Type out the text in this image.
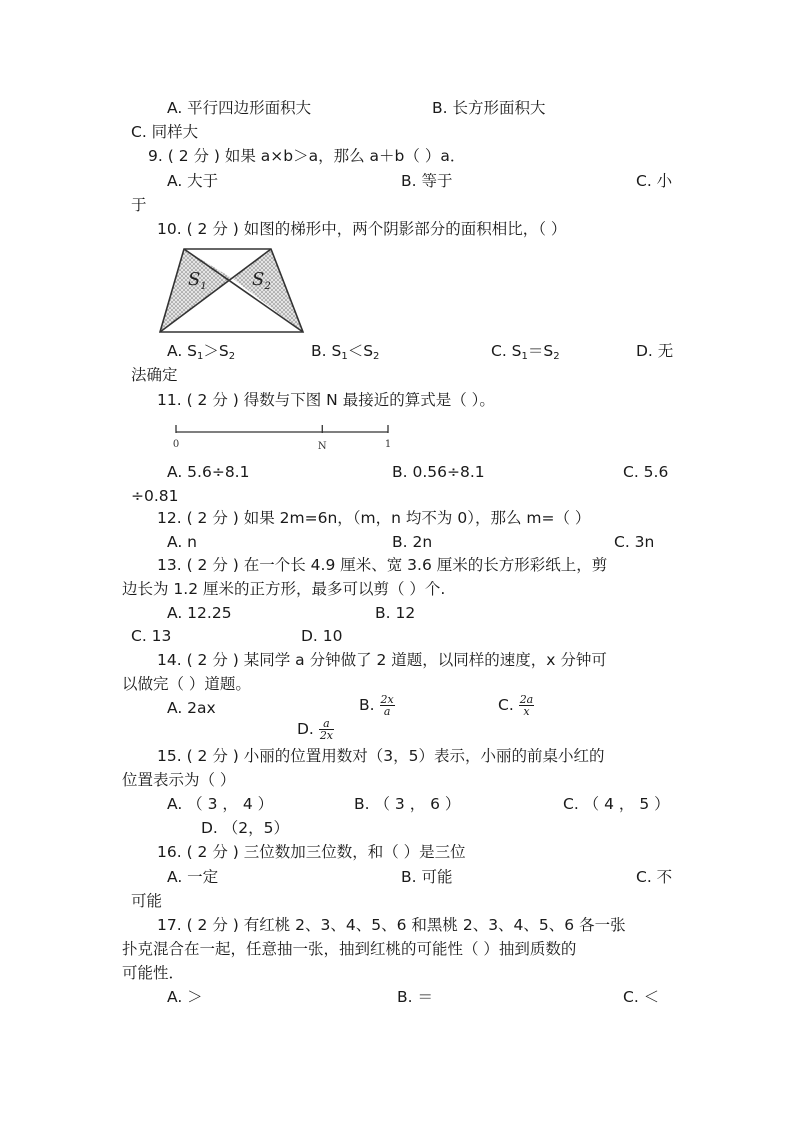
A. 平行四边形面积大	B. 长方形面积大
C. 同样大
9. ( 2 分 ) 如果 a×b＞a，那么 a＋b（ ）a．
A. 大于	B. 等于	C. 小
于
10. ( 2 分 ) 如图的梯形中，两个阴影部分的面积相比，（ ）
$S_1$	$S_2$
A. $S_1>S_2$	B. $S_1<S_2$	C. $S_1=S_2$	D. 无
法确定
11. ( 2 分 ) 得数与下图 N 最接近的算式是（ ）。
0	N	1
A. 5.6÷8.1	B. 0.56÷8.1	C. 5.6
÷0.81
12. ( 2 分 ) 如果 2m=6n，（m，n 均不为 0），那么 m=（ ）
A. n	B. 2n	C. 3n
13. ( 2 分 ) 在一个长 4.9 厘米、宽 3.6 厘米的长方形彩纸上，剪
边长为 1.2 厘米的正方形，最多可以剪（ ）个.
A. 12.25	B. 12
C. 13	D. 10
14. ( 2 分 ) 某同学 a 分钟做了 2 道题，以同样的速度，x 分钟可
以做完（ ）道题。
A. 2ax	B. $\frac{2x}{a}$	C. $\frac{2a}{x}$
D. $\frac{a}{2x}$
15. ( 2 分 ) 小丽的位置用数对（3，5）表示，小丽的前桌小红的
位置表示为（ ）
A. （ 3 ， 4 ）	B. （ 3 ， 6 ）	C. （ 4 ， 5 ）
D. （2，5）
16. ( 2 分 ) 三位数加三位数，和（ ）是三位
A. 一定	B. 可能	C. 不
可能
17. ( 2 分 ) 有红桃 2、3、4、5、6 和黑桃 2、3、4、5、6 各一张
扑克混合在一起，任意抽一张，抽到红桃的可能性（ ）抽到质数的
可能性．
A. ＞	B. ＝	C. ＜
